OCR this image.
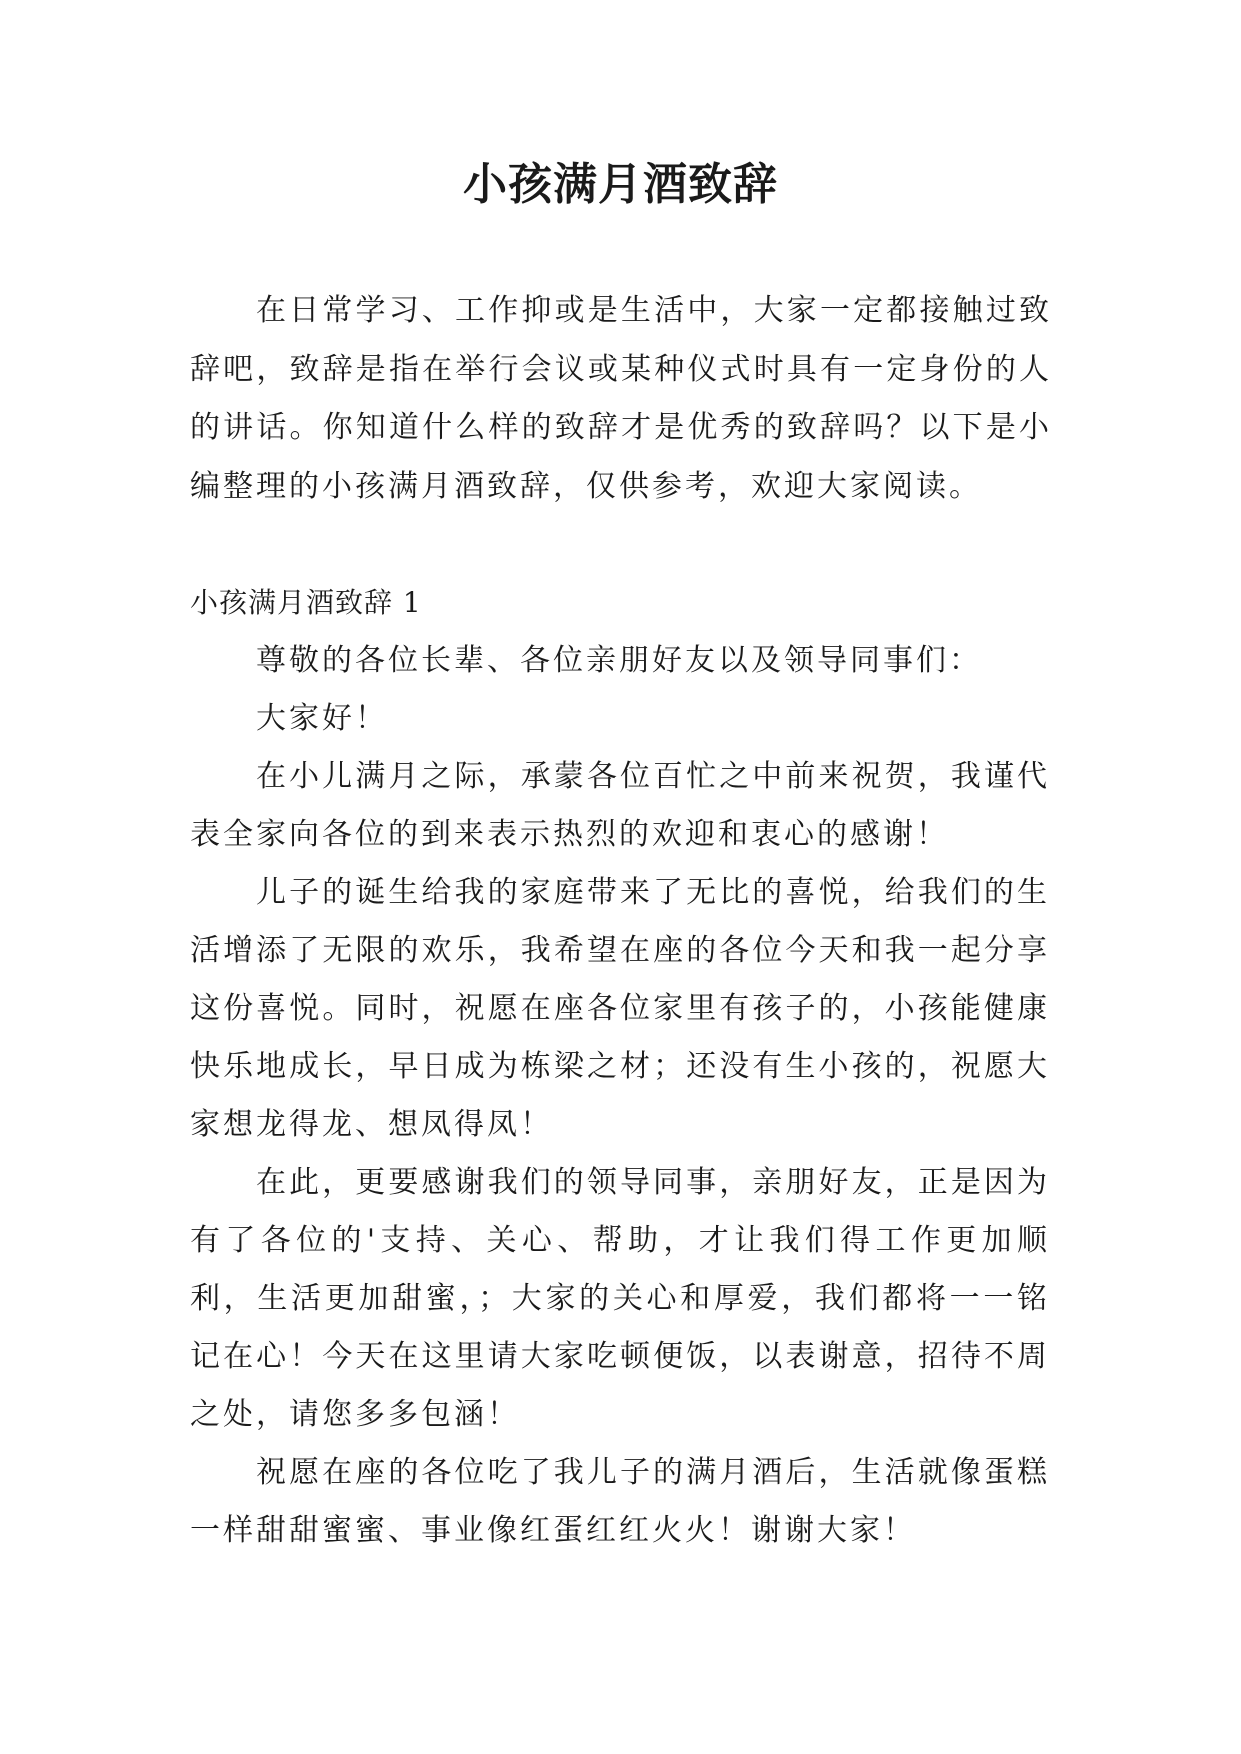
小孩满月酒致辞

在日常学习、工作抑或是生活中，大家一定都接触过致辞吧，致辞是指在举行会议或某种仪式时具有一定身份的人的讲话。你知道什么样的致辞才是优秀的致辞吗？以下是小编整理的小孩满月酒致辞，仅供参考，欢迎大家阅读。

小孩满月酒致辞 1

尊敬的各位长辈、各位亲朋好友以及领导同事们：

大家好！

在小儿满月之际，承蒙各位百忙之中前来祝贺，我谨代表全家向各位的到来表示热烈的欢迎和衷心的感谢！

儿子的诞生给我的家庭带来了无比的喜悦，给我们的生活增添了无限的欢乐，我希望在座的各位今天和我一起分享这份喜悦。同时，祝愿在座各位家里有孩子的，小孩能健康快乐地成长，早日成为栋梁之材；还没有生小孩的，祝愿大家想龙得龙、想凤得凤！

在此，更要感谢我们的领导同事，亲朋好友，正是因为有了各位的'支持、关心、帮助，才让我们得工作更加顺利，生活更加甜蜜，；大家的关心和厚爱，我们都将一一铭记在心！今天在这里请大家吃顿便饭，以表谢意，招待不周之处，请您多多包涵！

祝愿在座的各位吃了我儿子的满月酒后，生活就像蛋糕一样甜甜蜜蜜、事业像红蛋红红火火！谢谢大家！
